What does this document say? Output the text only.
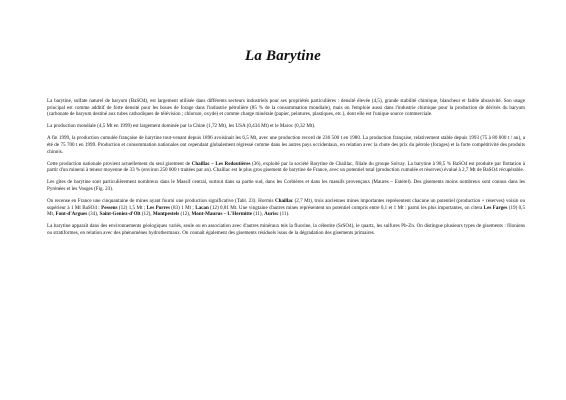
La Barytine

La barytine, sulfate naturel de baryum (BaSO4), est largement utilisée dans différents secteurs industriels pour ses propriétés particulières : densité élevée (4,5), grande stabilité chimique, blancheur et faible abrasivité. Son usage principal est comme additif de forte densité pour les boues de forage dans l'industrie pétrolière (85 % de la consommation mondiale), mais on l'emploie aussi dans l'industrie chimique pour la production de dérivés du baryum (carbonate de baryum destiné aux tubes cathodiques de télévision ; chlorure, oxyde) et comme charge minérale (papier, peintures, plastiques, etc.), dont elle est l'unique source commerciale.

La production mondiale (4,5 Mt en 1999) est largement dominée par la Chine (1,72 Mt), les USA (0,434 Mt) et le Maroc (0,32 Mt).

A fin 1999, la production cumulée française de barytine tout-venant depuis 1896 avoisinait les 6,5 Mt, avec une production record de 236 500 t en 1980. La production française, relativement stable depuis 1993 (75 à 80 000 t / an), a été de 75 700 t en 1999. Production et consommation nationales ont cependant globalement régressé comme dans les autres pays occidentaux, en relation avec la chute des prix du pétrole (forages) et la forte compétitivité des produits chinois.

Cette production nationale provient actuellement du seul gisement de Chaillac – Les Redoutières (36), exploité par la société Barytine de Chaillac, filiale du groupe Solvay. La barytine à 98,5 % BaSO4 est produite par flottation à partir d'un minerai à teneur moyenne de 33 % (environ 250 000 t traitées par an). Chaillac est le plus gros gisement de barytine de France, avec un potentiel total (production cumulée et réserves) évalué à 2,7 Mt de BaSO4 récupérable.

Les gîtes de barytine sont particulièrement nombreux dans le Massif central, surtout dans sa partie sud, dans les Corbières et dans les massifs provençaux (Maures – Estérel). Des gisements moins nombreux sont connus dans les Pyrénées et les Vosges (Fig. 23).

On recense en France une cinquantaine de mines ayant fourni une production significative (Tabl. 23). Hormis Chaillac (2,7 Mt), trois anciennes mines importantes représentent chacune un potentiel (production + réserves) voisin ou supérieur à 1 Mt BaSO4 : Pessens (12) 1,5 Mt ; Les Porres (83) 1 Mt ; Lacan (12) 0,81 Mt. Une vingtaine d'autres mines représentent un potentiel compris entre 0,1 et 1 Mt : parmi les plus importantes, on citera Les Farges (19) 0,5 Mt, Font-d'Argues (34), Saint-Geniez-d'Olt (12), Montpestels (12), Mont-Maurus – L'Hermitte (11), Aurisc (11).

La barytine apparaît dans des environnements géologiques variés, seule ou en association avec d'autres minéraux tels la fluorine, la célestite (SrSO4), le quartz, les sulfures Pb-Zn. On distingue plusieurs types de gisements : filoniens ou stratiformes, en relation avec des phénomènes hydrothermaux. On connaît également des gisements résiduels issus de la dégradation des gisements primaires.
